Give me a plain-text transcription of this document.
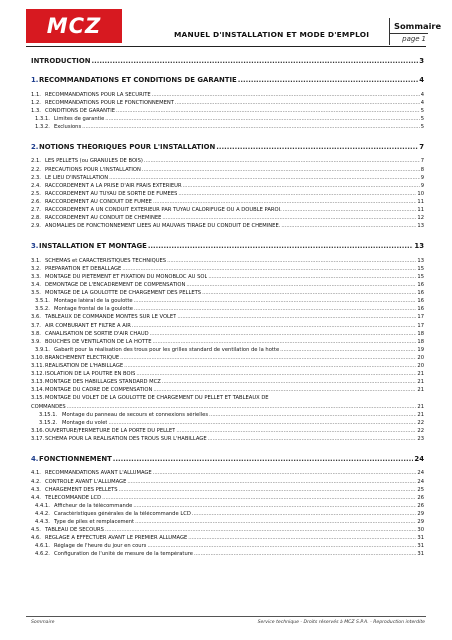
MCZ	MANUEL D'INSTALLATION ET MODE D'EMPLOI
Sommaire
page 1
INTRODUCTION .....	3
1. RECOMMANDATIONS ET CONDITIONS DE GARANTIE .....	4
1.1. RECOMMANDATIONS POUR LA SÉCURITÉ .....	4
1.2. RECOMMANDATIONS POUR LE FONCTIONNEMENT .....	4
1.3. CONDITIONS DE GARANTIE .....	5
1.3.1. Limites de garantie .....	5
1.3.2. Exclusions .....	5
2. NOTIONS THÉORIQUES POUR L'INSTALLATION .....	7
2.1. LES PELLETS (ou GRANULÉS DE BOIS) .....	7
2.2. PRÉCAUTIONS POUR L'INSTALLATION .....	8
2.3. LE LIEU D'INSTALLATION .....	9
2.4. RACCORDEMENT À LA PRISE D'AIR FRAIS EXTÉRIEUR .....	9
2.5. RACCORDEMENT AU TUYAU DE SORTIE DE FUMÉES .....	10
2.6. RACCORDEMENT AU CONDUIT DE FUMÉE .....	11
2.7. RACCORDEMENT À UN CONDUIT EXTÉRIEUR PAR TUYAU CALORIFUGÉ OU À DOUBLE PAROI. .....	11
2.8. RACCORDEMENT AU CONDUIT DE CHEMINÉE .....	12
2.9. ANOMALIES DE FONCTIONNEMENT LIÉES AU MAUVAIS TIRAGE DU CONDUIT DE CHEMINÉE. .....	13
3. INSTALLATION ET MONTAGE .....	13
3.1. SCHÉMAS et CARACTÉRISTIQUES TECHNIQUES .....	13
3.2. PRÉPARATION ET DÉBALLAGE .....	15
3.3. MONTAGE DU PIÉTEMENT ET FIXATION DU MONOBLOC AU SOL .....	15
3.4. DÉMONTAGE DE L'ENCADREMENT DE COMPENSATION .....	16
3.5. MONTAGE DE LA GOULOTTE DE CHARGEMENT DES PELLETS .....	16
3.5.1. Montage latéral de la goulotte .....	16
3.5.2. Montage frontal de la goulotte .....	16
3.6. TABLEAUX DE COMMANDE MONTES SUR LE VOLET .....	17
3.7. AIR COMBURANT ET FILTRE À AIR .....	17
3.8. CANALISATION DE SORTIE D'AIR CHAUD .....	18
3.9. BOUCHES DE VENTILATION DE LA HOTTE .....	18
3.9.1. Gabarit pour la réalisation des trous pour les grilles standard de ventilation de la hotte .....	19
3.10. BRANCHEMENT ÉLECTRIQUE .....	20
3.11. RÉALISATION DE L'HABILLAGE .....	20
3.12. ISOLATION DE LA POUTRE EN BOIS .....	21
3.13. MONTAGE DES HABILLAGES STANDARD MCZ .....	21
3.14. MONTAGE DU CADRE DE COMPENSATION .....	21
3.15. MONTAGE DU VOLET DE LA GOULOTTE DE CHARGEMENT DU PELLET ET TABLEAUX DE
COMMANDES .....	21
3.15.1. Montage du panneau de secours et connexions sérielles .....	21
3.15.2. Montage du volet .....	22
3.16. OUVERTURE/FERMETURE DE LA PORTE DU PELLET .....	22
3.17. SCHÉMA POUR LA RÉALISATION DES TROUS SUR L'HABILLAGE .....	23
4. FONCTIONNEMENT .....	24
4.1. RECOMMANDATIONS AVANT L'ALLUMAGE .....	24
4.2. CONTRÔLE AVANT L'ALLUMAGE .....	24
4.3. CHARGEMENT DES PELLETS .....	25
4.4. TÉLÉCOMMANDE LCD .....	26
4.4.1. Afficheur de la télécommande .....	26
4.4.2. Caractéristiques générales de la télécommande LCD .....	29
4.4.3. Type de piles et remplacement .....	29
4.5. TABLEAU DE SECOURS .....	30
4.6. RÉGLAGE À EFFECTUER AVANT LE PREMIER ALLUMAGE .....	31
4.6.1. Réglage de l'heure du jour en cours .....	31
4.6.2. Configuration de l'unité de mesure de la température .....	31
Sommaire	Service technique - Droits réservés à MCZ S.P.A. - Reproduction interdite
